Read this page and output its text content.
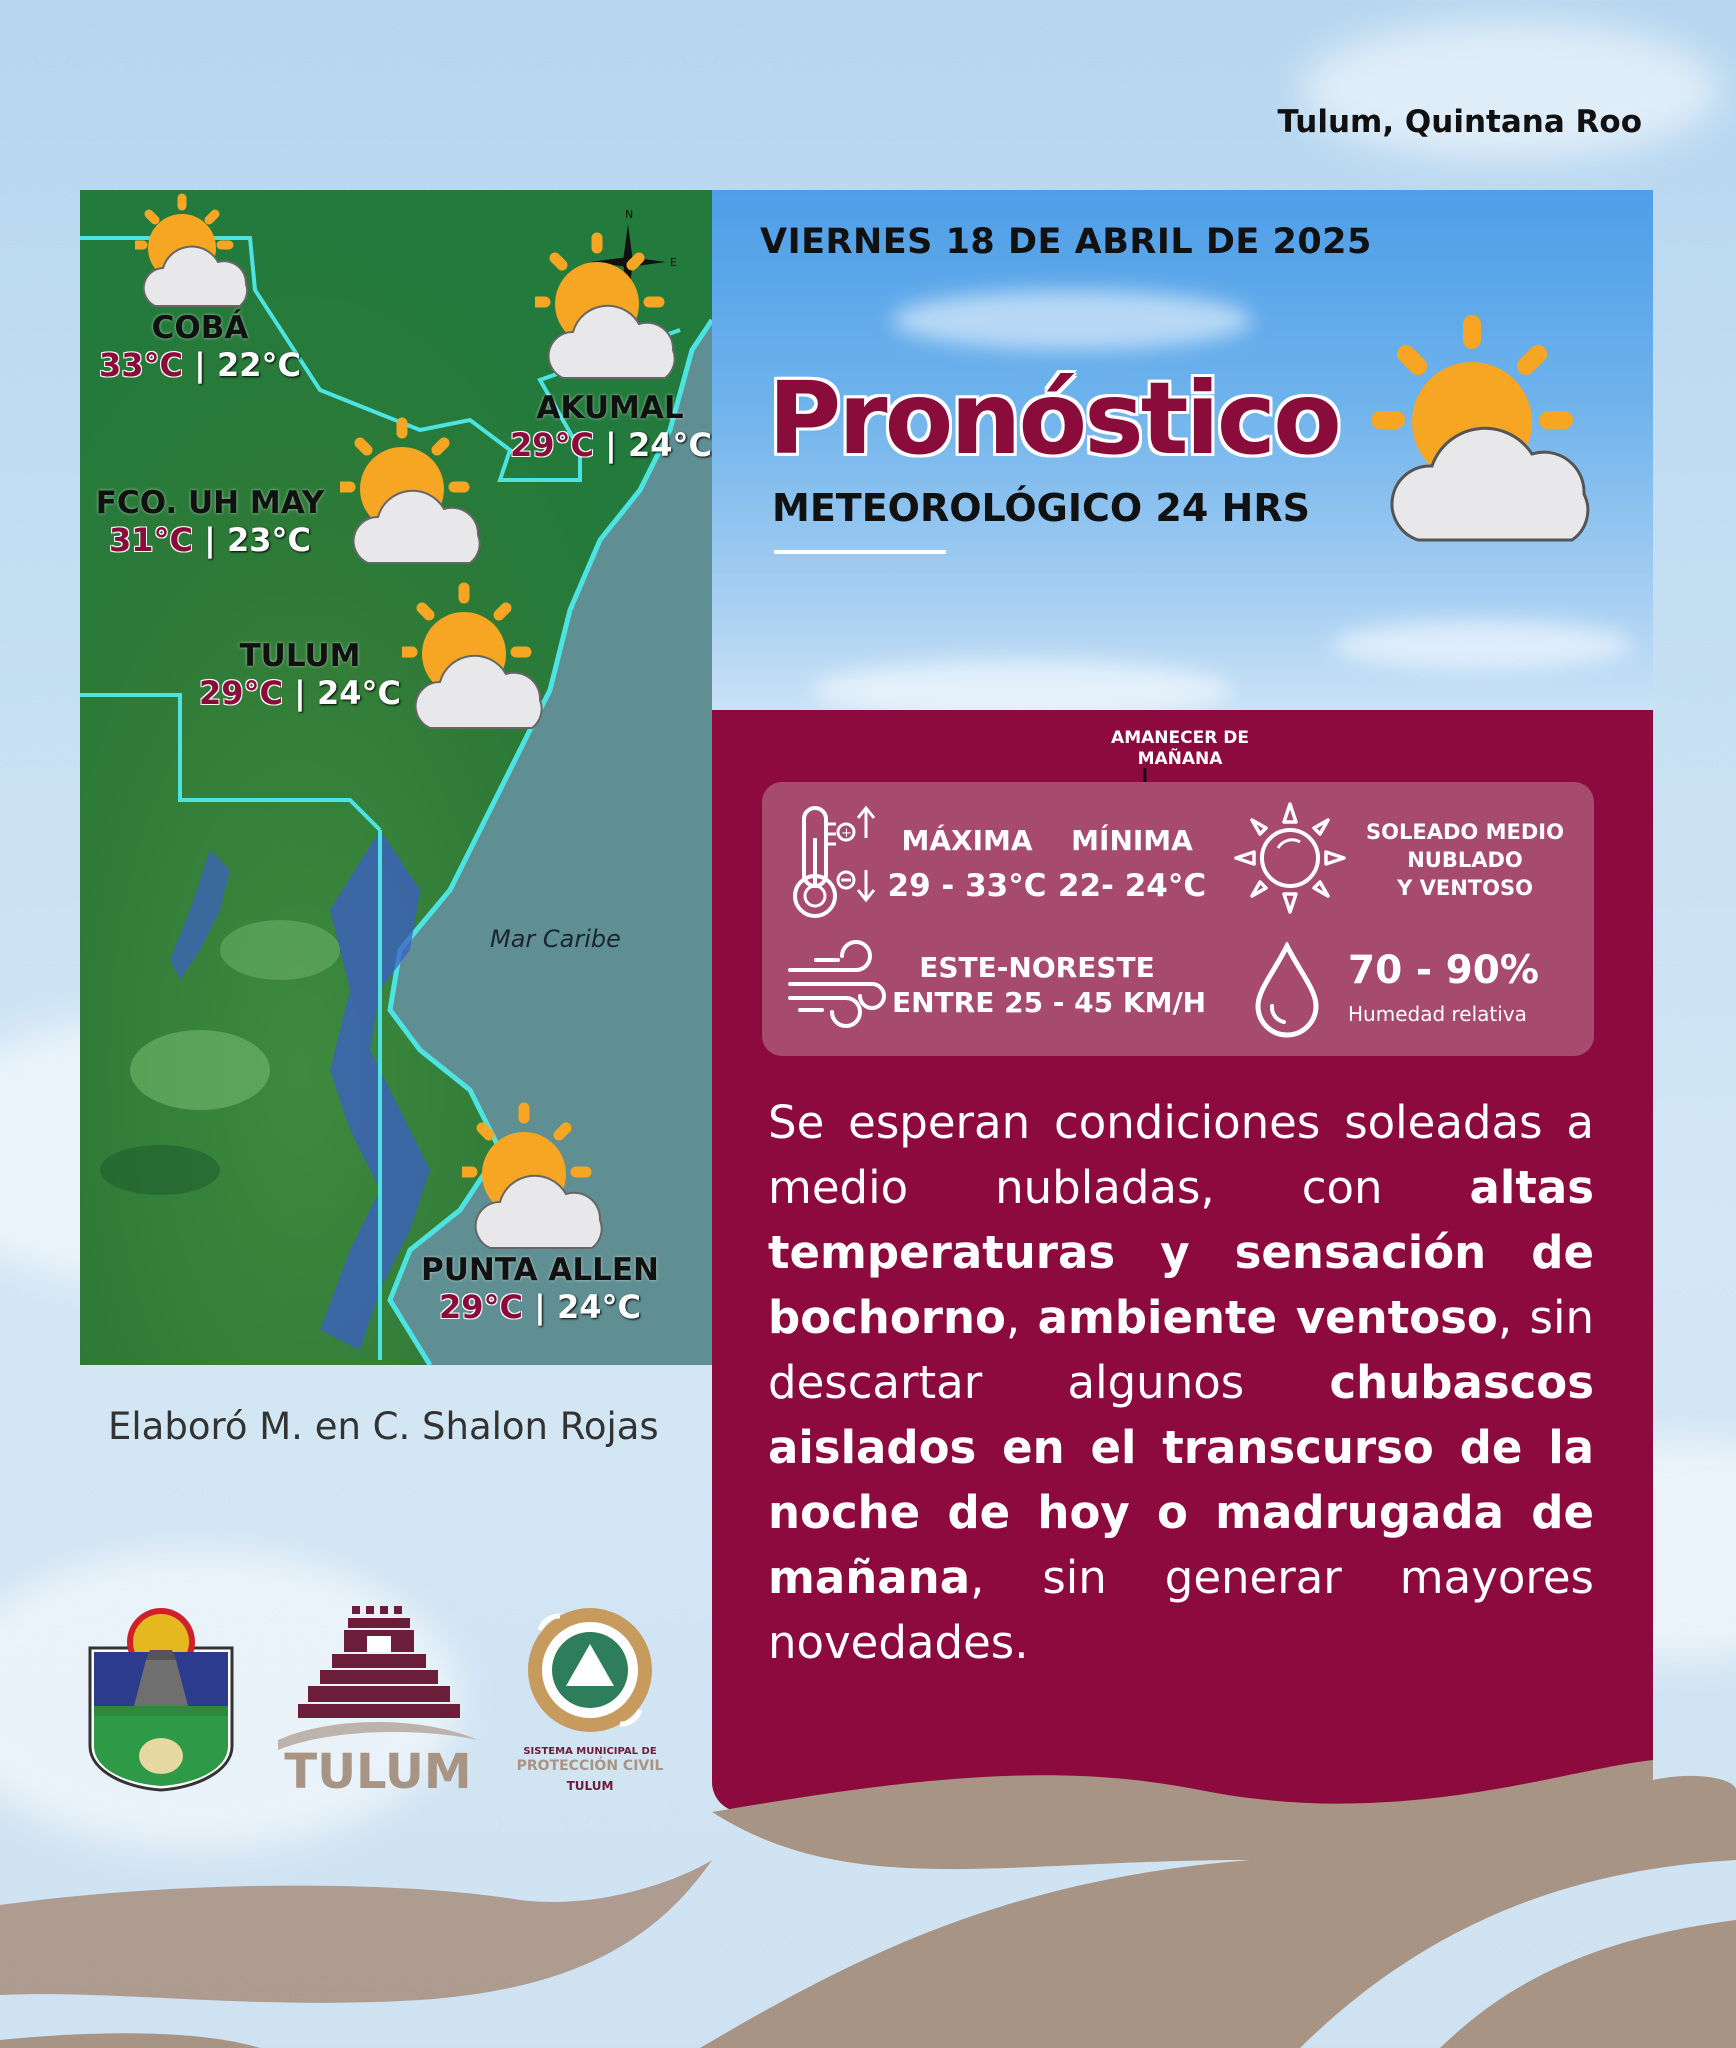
Tulum, Quintana Roo
N
E
Mar Caribe
COBÁ
33°C | 22°C
AKUMAL
29°C | 24°C
FCO. UH MAY
31°C | 23°C
TULUM
29°C | 24°C
PUNTA ALLEN
29°C | 24°C
Elaboró M. en C. Shalon Rojas
VIERNES 18 DE ABRIL DE 2025
Pronóstico
METEOROLÓGICO 24 HRS
AMANECER DE
MAÑANA
+	MÁXIMA
29 - 33°C
MÍNIMA
22- 24°C
SOLEADO MEDIO
NUBLADO
Y VENTOSO
ESTE-NORESTE
ENTRE 25 - 45 KM/H
70 - 90%
Humedad relativa
Se esperan condiciones soleadas a medio nubladas, con altas temperaturas y sensación de bochorno, ambiente ventoso, sin descartar algunos chubascos aislados en el transcurso de la noche de hoy o madrugada de mañana, sin generar mayores novedades.
TULUM	SISTEMA MUNICIPAL DE
PROTECCIÓN CIVIL
TULUM
